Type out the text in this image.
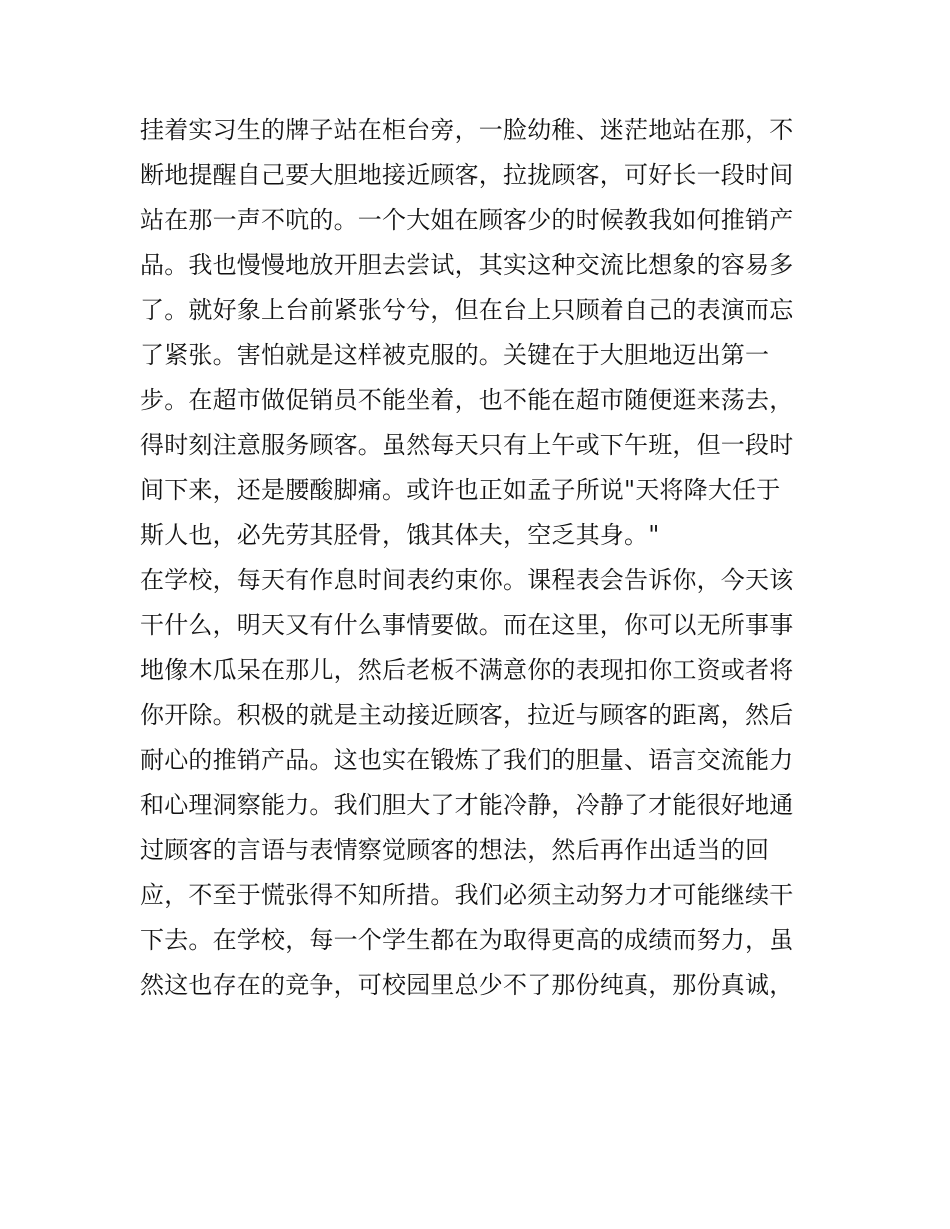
挂着实习生的牌子站在柜台旁，一脸幼稚、迷茫地站在那，不
断地提醒自己要大胆地接近顾客，拉拢顾客，可好长一段时间
站在那一声不吭的。一个大姐在顾客少的时候教我如何推销产
品。我也慢慢地放开胆去尝试，其实这种交流比想象的容易多
了。就好象上台前紧张兮兮，但在台上只顾着自己的表演而忘
了紧张。害怕就是这样被克服的。关键在于大胆地迈出第一
步。在超市做促销员不能坐着，也不能在超市随便逛来荡去，
得时刻注意服务顾客。虽然每天只有上午或下午班，但一段时
间下来，还是腰酸脚痛。或许也正如孟子所说"天将降大任于
斯人也，必先劳其胫骨，饿其体夫，空乏其身。"
在学校，每天有作息时间表约束你。课程表会告诉你，今天该
干什么，明天又有什么事情要做。而在这里，你可以无所事事
地像木瓜呆在那儿，然后老板不满意你的表现扣你工资或者将
你开除。积极的就是主动接近顾客，拉近与顾客的距离，然后
耐心的推销产品。这也实在锻炼了我们的胆量、语言交流能力
和心理洞察能力。我们胆大了才能冷静，冷静了才能很好地通
过顾客的言语与表情察觉顾客的想法，然后再作出适当的回
应，不至于慌张得不知所措。我们必须主动努力才可能继续干
下去。在学校，每一个学生都在为取得更高的成绩而努力，虽
然这也存在的竞争，可校园里总少不了那份纯真，那份真诚，
